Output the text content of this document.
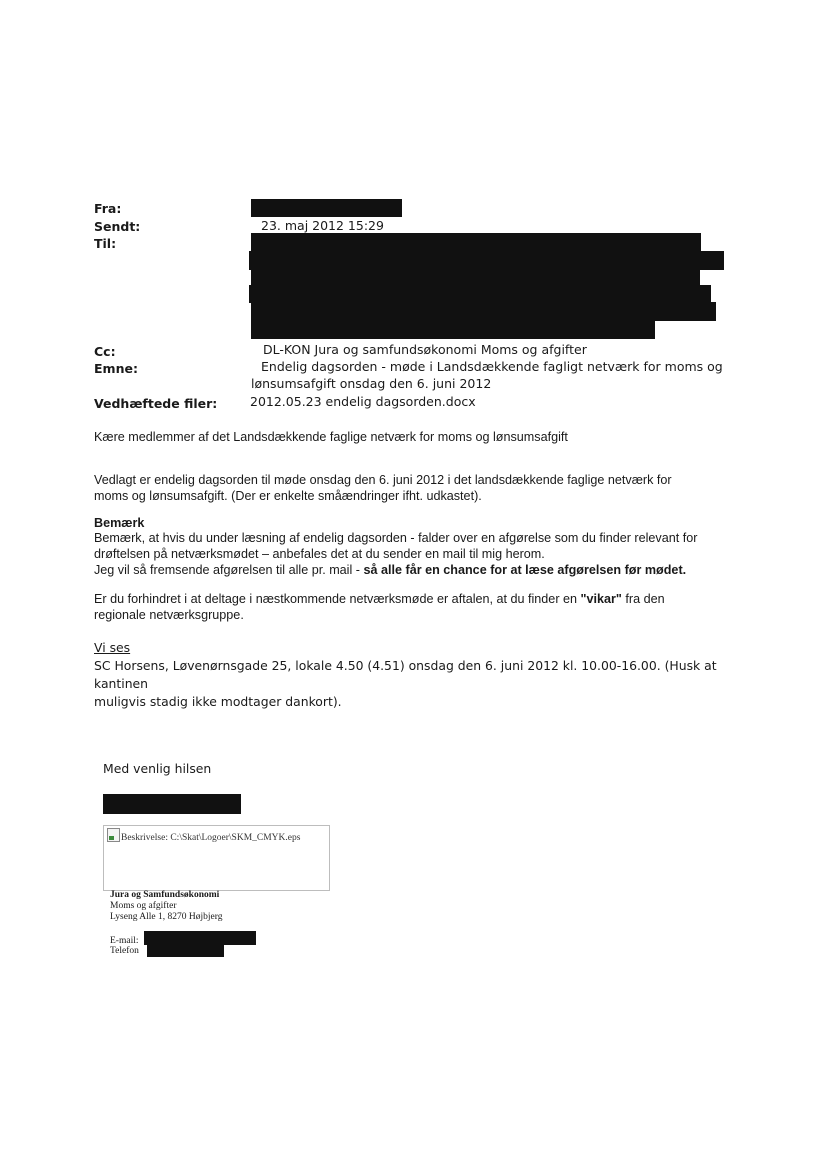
Fra:
Sendt:	23. maj 2012 15:29
Til:
Cc:	DL-KON Jura og samfundsøkonomi Moms og afgifter
Emne:	Endelig dagsorden - møde i Landsdækkende fagligt netværk for moms og
lønsumsafgift onsdag den 6. juni 2012
Vedhæftede filer:	2012.05.23 endelig dagsorden.docx
Kære medlemmer af det Landsdækkende faglige netværk for moms og lønsumsafgift
Vedlagt er endelig dagsorden til møde onsdag den 6. juni 2012 i det landsdækkende faglige netværk for
moms og lønsumsafgift. (Der er enkelte småændringer ifht. udkastet).
Bemærk
Bemærk, at hvis du under læsning af endelig dagsorden - falder over en afgørelse som du finder relevant for
drøftelsen på netværksmødet – anbefales det at du sender en mail til mig herom.
Jeg vil så fremsende afgørelsen til alle pr. mail - så alle får en chance for at læse afgørelsen før mødet.
Er du forhindret i at deltage i næstkommende netværksmøde er aftalen, at du finder en "vikar" fra den
regionale netværksgruppe.
Vi ses
SC Horsens, Løvenørnsgade 25, lokale 4.50 (4.51) onsdag den 6. juni 2012 kl. 10.00-16.00. (Husk at kantinen
muligvis stadig ikke modtager dankort).
Med venlig hilsen
Beskrivelse: C:\Skat\Logoer\SKM_CMYK.eps
Jura og Samfundsøkonomi
Moms og afgifter
Lyseng Alle 1, 8270 Højbjerg
E-mail:
Telefon
